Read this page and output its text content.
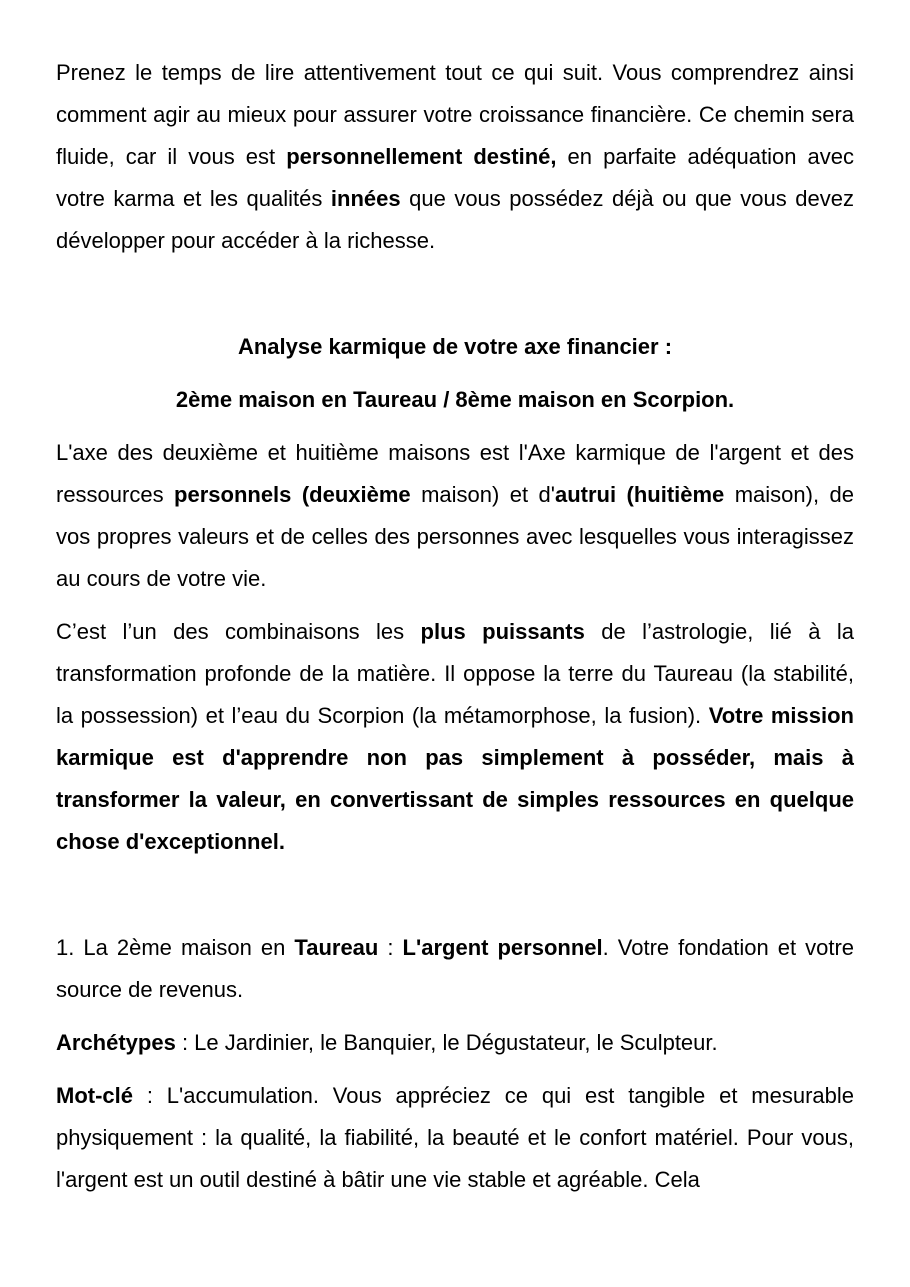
Prenez le temps de lire attentivement tout ce qui suit. Vous comprendrez ainsi comment agir au mieux pour assurer votre croissance financière. Ce chemin sera fluide, car il vous est personnellement destiné, en parfaite adéquation avec votre karma et les qualités innées que vous possédez déjà ou que vous devez développer pour accéder à la richesse.

Analyse karmique de votre axe financier :

2ème maison en Taureau / 8ème maison en Scorpion.

L'axe des deuxième et huitième maisons est l'Axe karmique de l'argent et des ressources personnels (deuxième maison) et d'autrui (huitième maison), de vos propres valeurs et de celles des personnes avec lesquelles vous interagissez au cours de votre vie.

C’est l’un des combinaisons les plus puissants de l’astrologie, lié à la transformation profonde de la matière. Il oppose la terre du Taureau (la stabilité, la possession) et l’eau du Scorpion (la métamorphose, la fusion). Votre mission karmique est d'apprendre non pas simplement à posséder, mais à transformer la valeur, en convertissant de simples ressources en quelque chose d'exceptionnel.

1. La 2ème maison en Taureau : L'argent personnel. Votre fondation et votre source de revenus.

Archétypes : Le Jardinier, le Banquier, le Dégustateur, le Sculpteur.

Mot-clé : L'accumulation. Vous appréciez ce qui est tangible et mesurable physiquement : la qualité, la fiabilité, la beauté et le confort matériel. Pour vous, l'argent est un outil destiné à bâtir une vie stable et agréable. Cela
